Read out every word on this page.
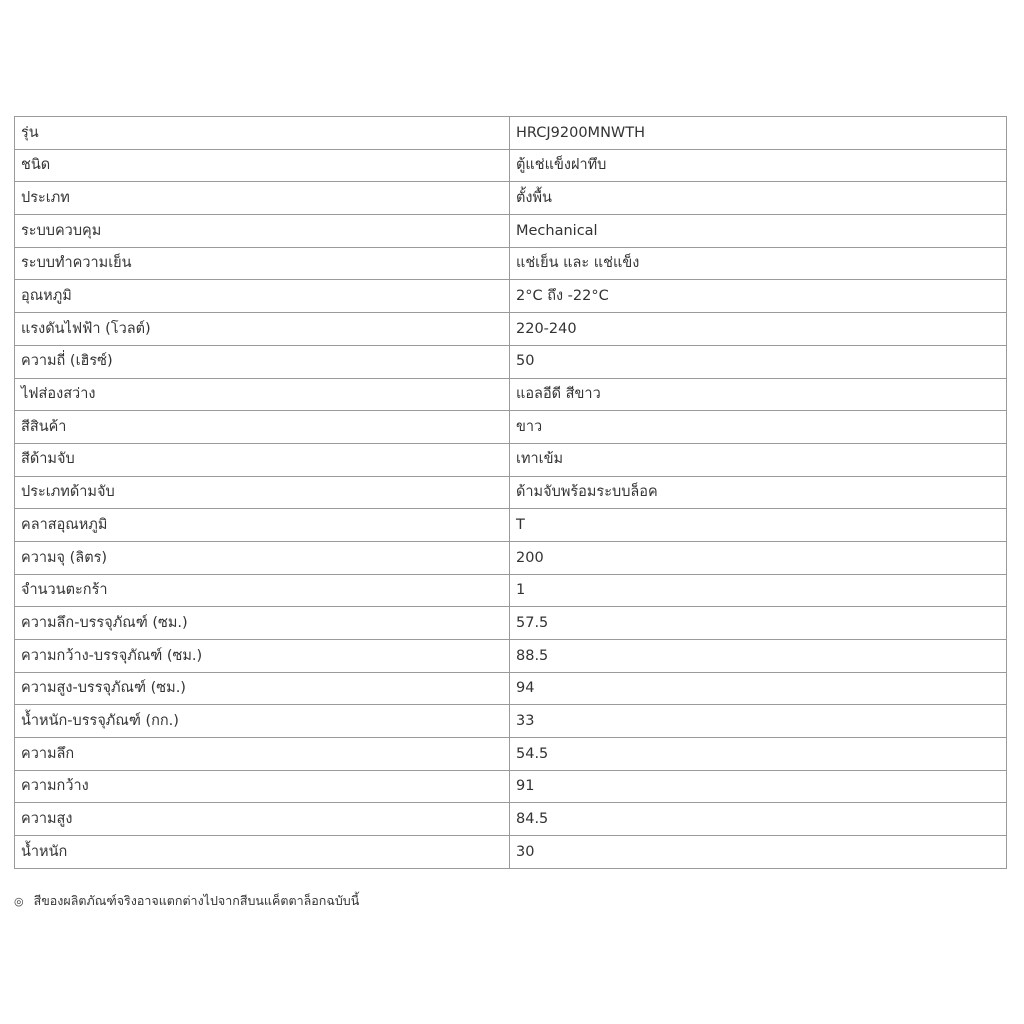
รุ่น	HRCJ9200MNWTH
ชนิด	ตู้แช่แข็งฝาทึบ
ประเภท	ตั้งพื้น
ระบบควบคุม	Mechanical
ระบบทำความเย็น	แช่เย็น และ แช่แข็ง
อุณหภูมิ	2°C ถึง -22°C
แรงดันไฟฟ้า (โวลต์)	220-240
ความถี่ (เฮิรซ์)	50
ไฟส่องสว่าง	แอลอีดี สีขาว
สีสินค้า	ขาว
สีด้ามจับ	เทาเข้ม
ประเภทด้ามจับ	ด้ามจับพร้อมระบบล็อค
คลาสอุณหภูมิ	T
ความจุ (ลิตร)	200
จำนวนตะกร้า	1
ความลึก-บรรจุภัณฑ์ (ซม.)	57.5
ความกว้าง-บรรจุภัณฑ์ (ซม.)	88.5
ความสูง-บรรจุภัณฑ์ (ซม.)	94
น้ำหนัก-บรรจุภัณฑ์ (กก.)	33
ความลึก	54.5
ความกว้าง	91
ความสูง	84.5
น้ำหนัก	30
◎ สีของผลิตภัณฑ์จริงอาจแตกต่างไปจากสีบนแค็ตตาล็อกฉบับนี้
